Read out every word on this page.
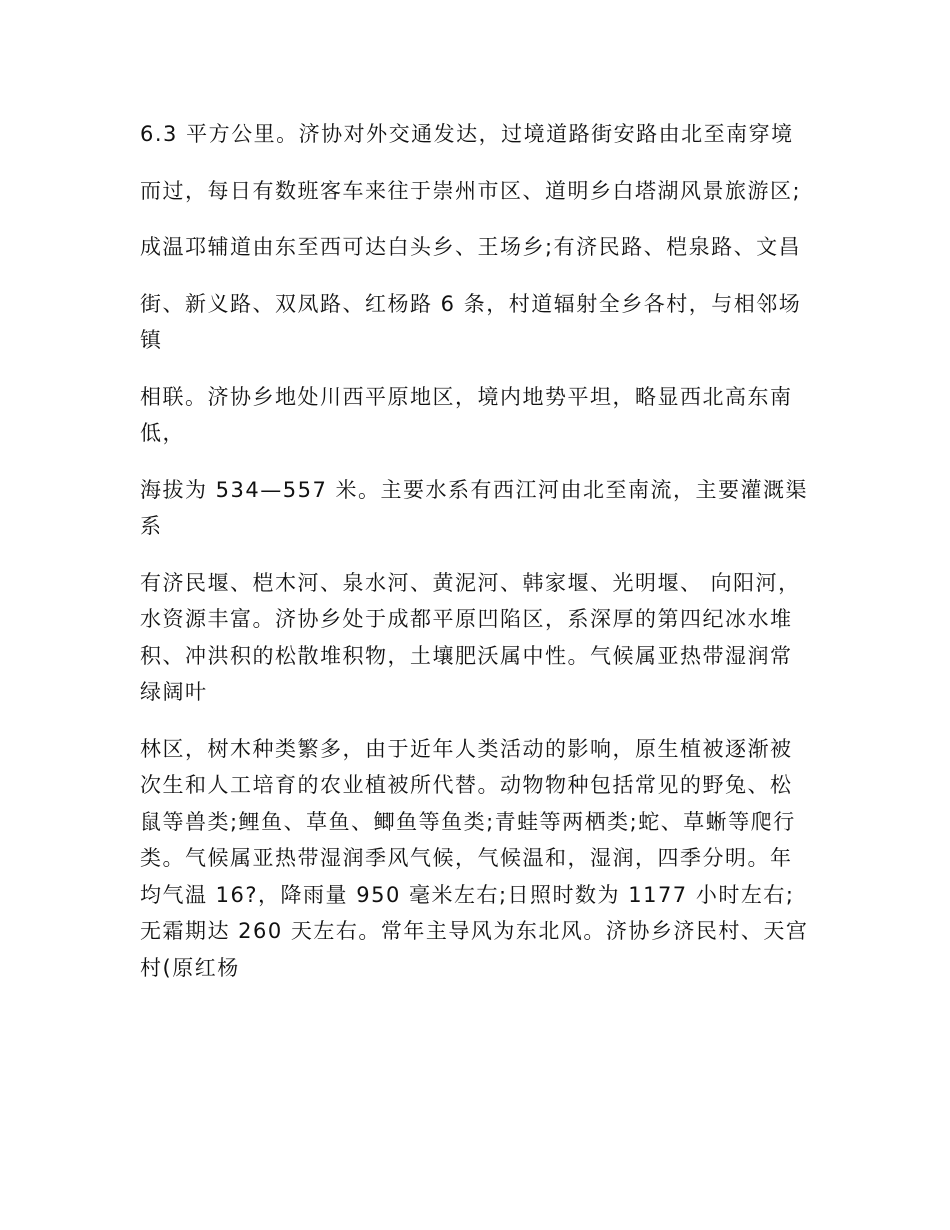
6.3 平方公里。济协对外交通发达，过境道路街安路由北至南穿境

而过，每日有数班客车来往于崇州市区、道明乡白塔湖风景旅游区;

成温邛辅道由东至西可达白头乡、王场乡;有济民路、桤泉路、文昌

街、新义路、双凤路、红杨路 6 条，村道辐射全乡各村，与相邻场镇

相联。济协乡地处川西平原地区，境内地势平坦，略显西北高东南低，

海拔为 534—557 米。主要水系有西江河由北至南流，主要灌溉渠系

有济民堰、桤木河、泉水河、黄泥河、韩家堰、光明堰、 向阳河，水资源丰富。济协乡处于成都平原凹陷区，系深厚的第四纪冰水堆积、冲洪积的松散堆积物，土壤肥沃属中性。气候属亚热带湿润常绿阔叶

林区，树木种类繁多，由于近年人类活动的影响，原生植被逐渐被次生和人工培育的农业植被所代替。动物物种包括常见的野兔、松鼠等兽类;鲤鱼、草鱼、鲫鱼等鱼类;青蛙等两栖类;蛇、草蜥等爬行类。气候属亚热带湿润季风气候，气候温和，湿润，四季分明。年均气温 16?，降雨量 950 毫米左右;日照时数为 1177 小时左右;无霜期达 260 天左右。常年主导风为东北风。济协乡济民村、天宫村(原红杨
